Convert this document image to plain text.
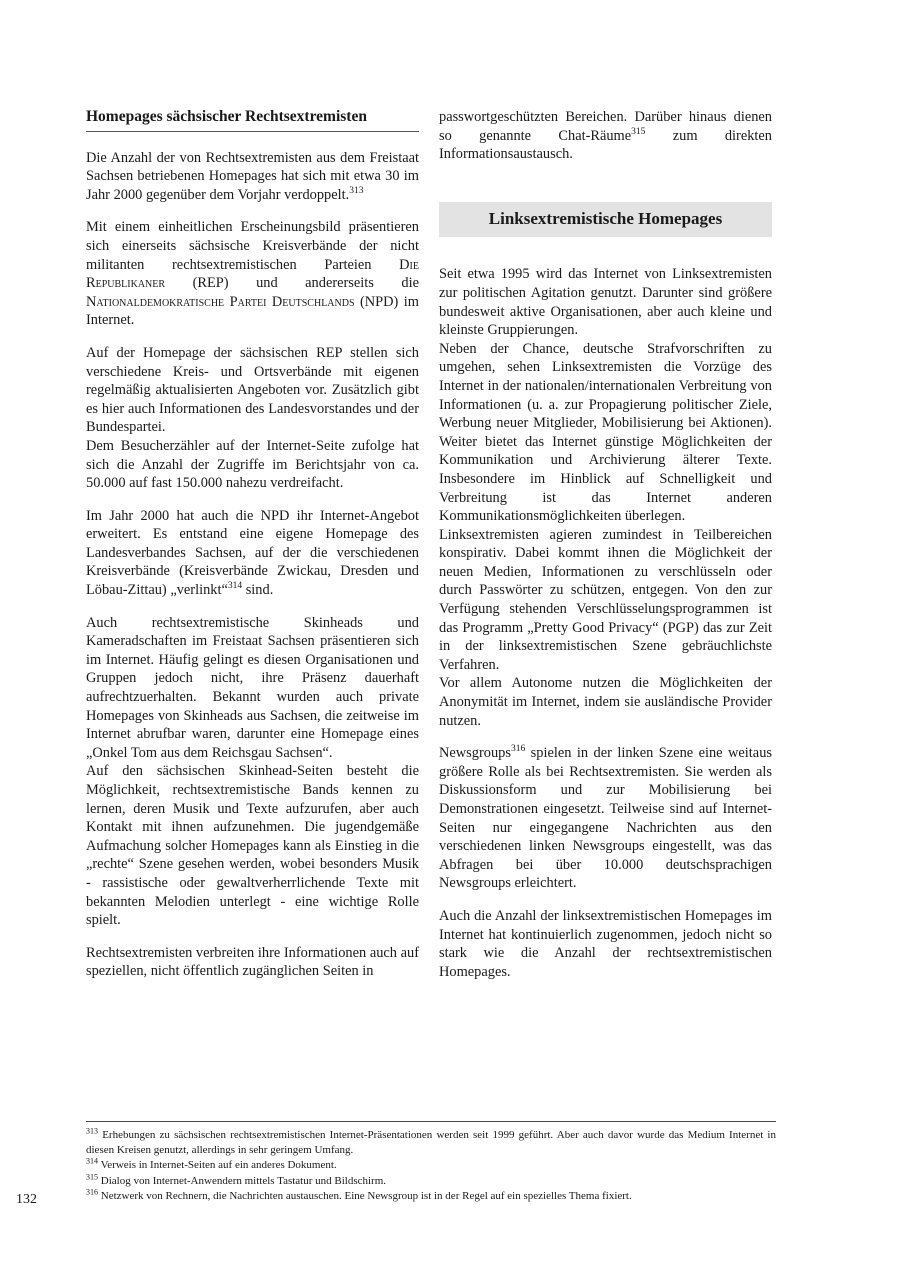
Homepages sächsischer Rechtsextremisten

Die Anzahl der von Rechtsextremisten aus dem Freistaat Sachsen betriebenen Homepages hat sich mit etwa 30 im Jahr 2000 gegenüber dem Vorjahr verdoppelt.$^{313}$

Mit einem einheitlichen Erscheinungsbild präsentieren sich einerseits sächsische Kreisverbände der nicht militanten rechtsextremistischen Parteien Die Republikaner (REP) und andererseits die Nationaldemokratische Partei Deutschlands (NPD) im Internet.

Auf der Homepage der sächsischen REP stellen sich verschiedene Kreis- und Ortsverbände mit eigenen regelmäßig aktualisierten Angeboten vor. Zusätzlich gibt es hier auch Informationen des Landesvorstandes und der Bundespartei.

Dem Besucherzähler auf der Internet-Seite zufolge hat sich die Anzahl der Zugriffe im Berichtsjahr von ca. 50.000 auf fast 150.000 nahezu verdreifacht.

Im Jahr 2000 hat auch die NPD ihr Internet-Angebot erweitert. Es entstand eine eigene Homepage des Landesverbandes Sachsen, auf der die verschiedenen Kreisverbände (Kreisverbände Zwickau, Dresden und Löbau-Zittau) „verlinkt“$^{314}$ sind.

Auch rechtsextremistische Skinheads und Kameradschaften im Freistaat Sachsen präsentieren sich im Internet. Häufig gelingt es diesen Organisationen und Gruppen jedoch nicht, ihre Präsenz dauerhaft aufrechtzuerhalten. Bekannt wurden auch private Homepages von Skinheads aus Sachsen, die zeitweise im Internet abrufbar waren, darunter eine Homepage eines „Onkel Tom aus dem Reichsgau Sachsen“.

Auf den sächsischen Skinhead-Seiten besteht die Möglichkeit, rechtsextremistische Bands kennen zu lernen, deren Musik und Texte aufzurufen, aber auch Kontakt mit ihnen aufzunehmen. Die jugendgemäße Aufmachung solcher Homepages kann als Einstieg in die „rechte“ Szene gesehen werden, wobei besonders Musik - rassistische oder gewaltverherrlichende Texte mit bekannten Melodien unterlegt - eine wichtige Rolle spielt.

Rechtsextremisten verbreiten ihre Informationen auch auf speziellen, nicht öffentlich zugänglichen Seiten in

passwortgeschützten Bereichen. Darüber hinaus dienen so genannte Chat-Räume$^{315}$ zum direkten Informationsaustausch.

Linksextremistische Homepages

Seit etwa 1995 wird das Internet von Linksextremisten zur politischen Agitation genutzt. Darunter sind größere bundesweit aktive Organisationen, aber auch kleine und kleinste Gruppierungen.

Neben der Chance, deutsche Strafvorschriften zu umgehen, sehen Linksextremisten die Vorzüge des Internet in der nationalen/internationalen Verbreitung von Informationen (u. a. zur Propagierung politischer Ziele, Werbung neuer Mitglieder, Mobilisierung bei Aktionen). Weiter bietet das Internet günstige Möglichkeiten der Kommunikation und Archivierung älterer Texte. Insbesondere im Hinblick auf Schnelligkeit und Verbreitung ist das Internet anderen Kommunikationsmöglichkeiten überlegen.

Linksextremisten agieren zumindest in Teilbereichen konspirativ. Dabei kommt ihnen die Möglichkeit der neuen Medien, Informationen zu verschlüsseln oder durch Passwörter zu schützen, entgegen. Von den zur Verfügung stehenden Verschlüsselungsprogrammen ist das Programm „Pretty Good Privacy“ (PGP) das zur Zeit in der linksextremistischen Szene gebräuchlichste Verfahren.

Vor allem Autonome nutzen die Möglichkeiten der Anonymität im Internet, indem sie ausländische Provider nutzen.

Newsgroups$^{316}$ spielen in der linken Szene eine weitaus größere Rolle als bei Rechtsextremisten. Sie werden als Diskussionsform und zur Mobilisierung bei Demonstrationen eingesetzt. Teilweise sind auf Internet-Seiten nur eingegangene Nachrichten aus den verschiedenen linken Newsgroups eingestellt, was das Abfragen bei über 10.000 deutschsprachigen Newsgroups erleichtert.

Auch die Anzahl der linksextremistischen Homepages im Internet hat kontinuierlich zugenommen, jedoch nicht so stark wie die Anzahl der rechtsextremistischen Homepages.

$^{313}$ Erhebungen zu sächsischen rechtsextremistischen Internet-Präsentationen werden seit 1999 geführt. Aber auch davor wurde das Medium Internet in diesen Kreisen genutzt, allerdings in sehr geringem Umfang.

$^{314}$ Verweis in Internet-Seiten auf ein anderes Dokument.

$^{315}$ Dialog von Internet-Anwendern mittels Tastatur und Bildschirm.

$^{316}$ Netzwerk von Rechnern, die Nachrichten austauschen. Eine Newsgroup ist in der Regel auf ein spezielles Thema fixiert.

132
